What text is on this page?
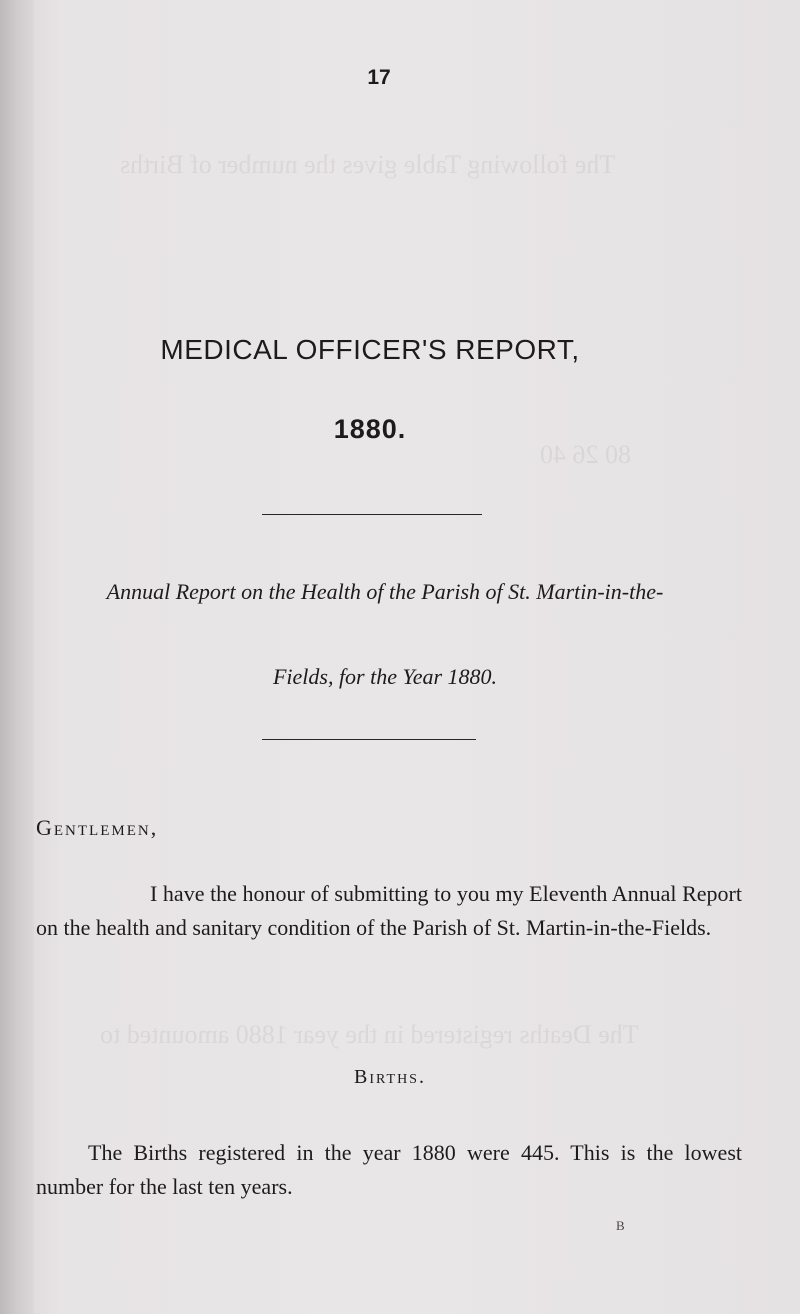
The following Table gives the number of Births
80 26 40
The Deaths registered in the year 1880 amounted to
17
MEDICAL OFFICER'S REPORT,
1880.
Annual Report on the Health of the Parish of St. Martin-in-the-
Fields, for the Year 1880.
Gentlemen,
I have the honour of submitting to you my Eleventh Annual Report on the health and sanitary condition of the Parish of St. Martin-in-the-Fields.
Births.
The Births registered in the year 1880 were 445. This is the lowest number for the last ten years.
B
